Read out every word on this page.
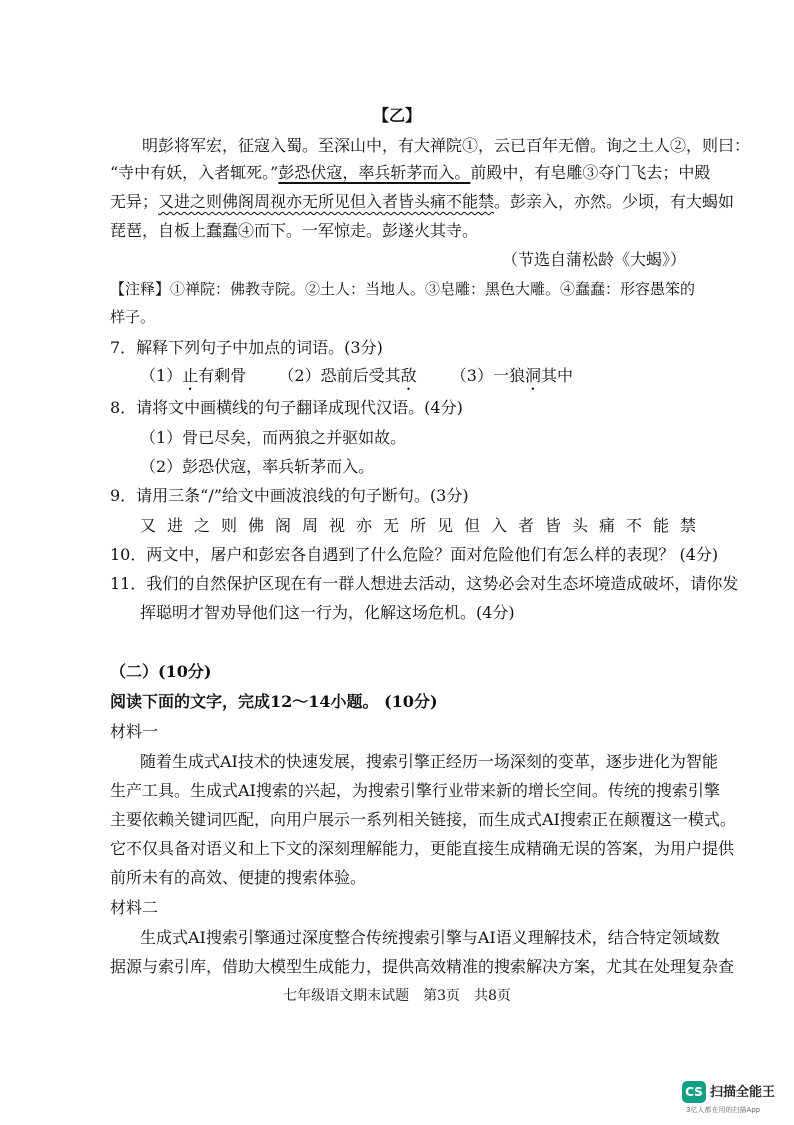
【乙】
明彭将军宏，征寇入蜀。至深山中，有大禅院①，云已百年无僧。询之土人②，则曰：
“寺中有妖，入者辄死。”彭恐伏寇，率兵斩茅而入。前殿中，有皂雕③夺门飞去；中殿
无异；又进之则佛阁周视亦无所见但入者皆头痛不能禁。彭亲入，亦然。少顷，有大蝎如
琵琶，自板上蠢蠢④而下。一军惊走。彭遂火其寺。
（节选自蒲松龄《大蝎》）
【注释】①禅院：佛教寺院。②土人：当地人。③皂雕：黑色大雕。④蠢蠢：形容愚笨的
样子。
7．解释下列句子中加点的词语。(3分)
（1）止有剩骨 （2）恐前后受其敌 （3）一狼洞其中
8．请将文中画横线的句子翻译成现代汉语。(4分)
（1）骨已尽矣，而两狼之并驱如故。
（2）彭恐伏寇，率兵斩茅而入。
9．请用三条“/”给文中画波浪线的句子断句。(3分)
又进之则佛阁周视亦无所见但入者皆头痛不能禁
10．两文中，屠户和彭宏各自遇到了什么危险？面对危险他们有怎么样的表现？ (4分)
11．我们的自然保护区现在有一群人想进去活动，这势必会对生态坏境造成破坏，请你发
挥聪明才智劝导他们这一行为，化解这场危机。(4分)
（二）(10分)
阅读下面的文字，完成12～14小题。 (10分)
材料一
随着生成式AI技术的快速发展，搜索引擎正经历一场深刻的变革，逐步进化为智能
生产工具。生成式AI搜索的兴起，为搜索引擎行业带来新的增长空间。传统的搜索引擎
主要依赖关键词匹配，向用户展示一系列相关链接，而生成式AI搜索正在颠覆这一模式。
它不仅具备对语义和上下文的深刻理解能力，更能直接生成精确无误的答案，为用户提供
前所未有的高效、便捷的搜索体验。
材料二
生成式AI搜索引擎通过深度整合传统搜索引擎与AI语义理解技术，结合特定领域数
据源与索引库，借助大模型生成能力，提供高效精准的搜索解决方案，尤其在处理复杂查
七年级语文期末试题　第3页　共8页
CS 扫描全能王
3亿人都在用的扫描App
